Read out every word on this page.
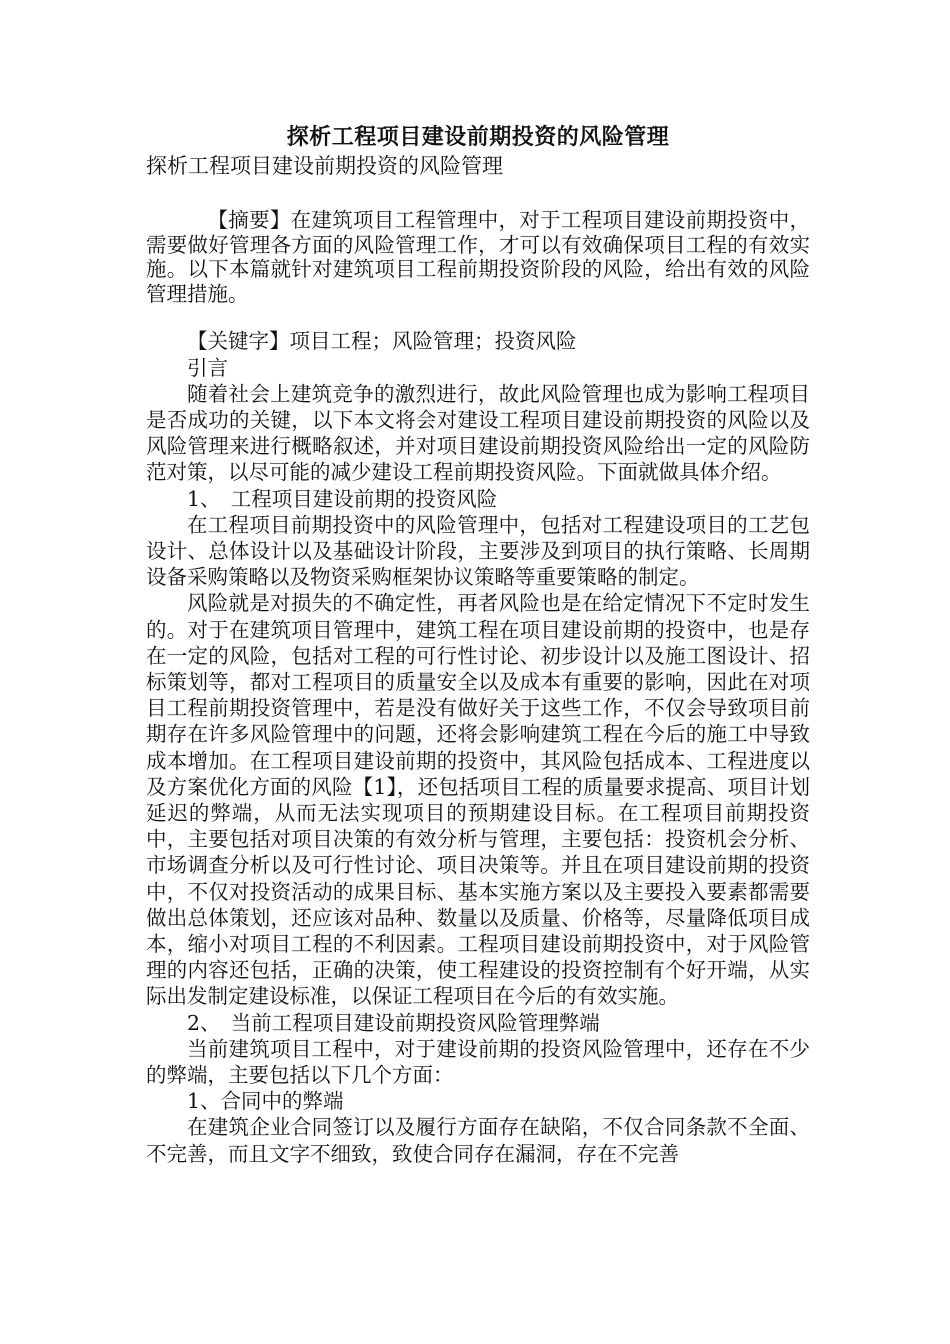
探析工程项目建设前期投资的风险管理

探析工程项目建设前期投资的风险管理

【摘要】在建筑项目工程管理中，对于工程项目建设前期投资中，需要做好管理各方面的风险管理工作，才可以有效确保项目工程的有效实施。以下本篇就针对建筑项目工程前期投资阶段的风险，给出有效的风险管理措施。

【关键字】项目工程；风险管理；投资风险

引言

随着社会上建筑竞争的激烈进行，故此风险管理也成为影响工程项目是否成功的关键，以下本文将会对建设工程项目建设前期投资的风险以及风险管理来进行概略叙述，并对项目建设前期投资风险给出一定的风险防范对策，以尽可能的减少建设工程前期投资风险。下面就做具体介绍。

1、　工程项目建设前期的投资风险

在工程项目前期投资中的风险管理中，包括对工程建设项目的工艺包设计、总体设计以及基础设计阶段，主要涉及到项目的执行策略、长周期设备采购策略以及物资采购框架协议策略等重要策略的制定。

风险就是对损失的不确定性，再者风险也是在给定情况下不定时发生的。对于在建筑项目管理中，建筑工程在项目建设前期的投资中，也是存在一定的风险，包括对工程的可行性讨论、初步设计以及施工图设计、招标策划等，都对工程项目的质量安全以及成本有重要的影响，因此在对项目工程前期投资管理中，若是没有做好关于这些工作，不仅会导致项目前期存在许多风险管理中的问题，还将会影响建筑工程在今后的施工中导致成本增加。在工程项目建设前期的投资中，其风险包括成本、工程进度以及方案优化方面的风险【1】，还包括项目工程的质量要求提高、项目计划延迟的弊端，从而无法实现项目的预期建设目标。在工程项目前期投资中，主要包括对项目决策的有效分析与管理，主要包括：投资机会分析、市场调查分析以及可行性讨论、项目决策等。并且在项目建设前期的投资中，不仅对投资活动的成果目标、基本实施方案以及主要投入要素都需要做出总体策划，还应该对品种、数量以及质量、价格等，尽量降低项目成本，缩小对项目工程的不利因素。工程项目建设前期投资中，对于风险管理的内容还包括，正确的决策，使工程建设的投资控制有个好开端，从实际出发制定建设标准，以保证工程项目在今后的有效实施。

2、　当前工程项目建设前期投资风险管理弊端

当前建筑项目工程中，对于建设前期的投资风险管理中，还存在不少的弊端，主要包括以下几个方面：

1、合同中的弊端

在建筑企业合同签订以及履行方面存在缺陷，不仅合同条款不全面、不完善，而且文字不细致，致使合同存在漏洞，存在不完善
